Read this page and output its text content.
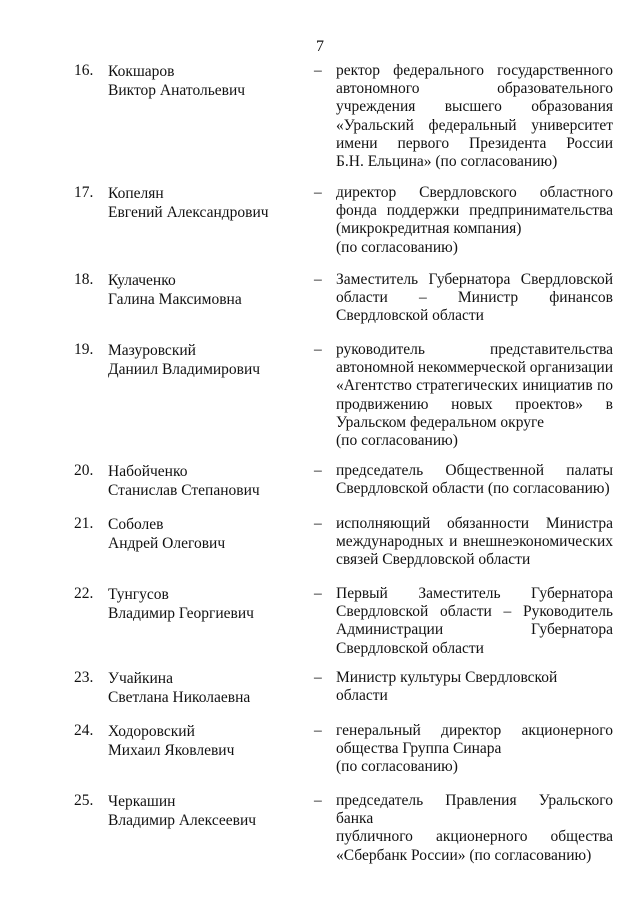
7
16. Кокшаров
Виктор Анатольевич
– ректор федерального государственного
автономного образовательного
учреждения высшего образования
«Уральский федеральный университет
имени первого Президента России
Б.Н. Ельцина» (по согласованию)
17. Копелян
Евгений Александрович
– директор Свердловского областного
фонда поддержки предпринимательства
(микрокредитная компания)
(по согласованию)
18. Кулаченко
Галина Максимовна
– Заместитель Губернатора Свердловской
области – Министр финансов
Свердловской области
19. Мазуровский
Даниил Владимирович
– руководитель представительства
автономной некоммерческой организации
«Агентство стратегических инициатив по
продвижению новых проектов» в
Уральском федеральном округе
(по согласованию)
20. Набойченко
Станислав Степанович
– председатель Общественной палаты
Свердловской области (по согласованию)
21. Соболев
Андрей Олегович
– исполняющий обязанности Министра
международных и внешнеэкономических
связей Свердловской области
22. Тунгусов
Владимир Георгиевич
– Первый Заместитель Губернатора
Свердловской области – Руководитель
Администрации Губернатора
Свердловской области
23. Учайкина
Светлана Николаевна
– Министр культуры Свердловской области
24. Ходоровский
Михаил Яковлевич
– генеральный директор акционерного
общества Группа Синара
(по согласованию)
25. Черкашин
Владимир Алексеевич
– председатель Правления Уральского банка
публичного акционерного общества
«Сбербанк России» (по согласованию)
